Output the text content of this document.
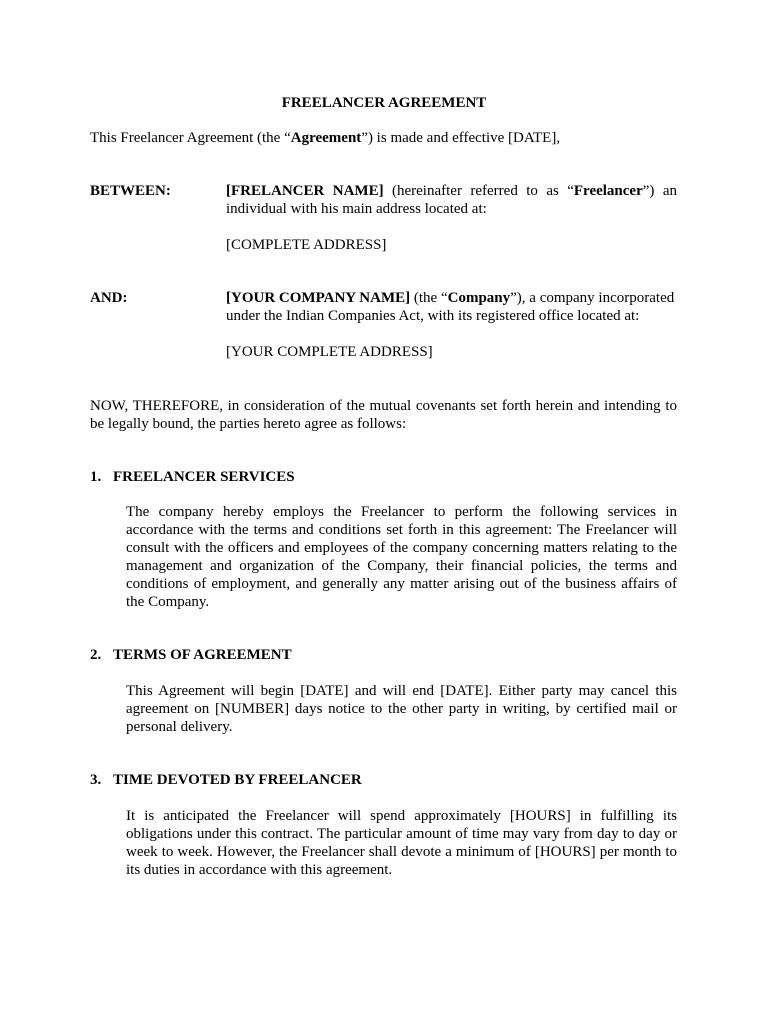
FREELANCER AGREEMENT

This Freelancer Agreement (the “Agreement”) is made and effective [DATE],

BETWEEN:	[FRELANCER NAME] (hereinafter referred to as “Freelancer”) an individual with his main address located at:

[COMPLETE ADDRESS]

AND:	[YOUR COMPANY NAME] (the “Company”), a company incorporated under the Indian Companies Act, with its registered office located at:

[YOUR COMPLETE ADDRESS]

NOW, THEREFORE, in consideration of the mutual covenants set forth herein and intending to be legally bound, the parties hereto agree as follows:

1. FREELANCER SERVICES

The company hereby employs the Freelancer to perform the following services in accordance with the terms and conditions set forth in this agreement: The Freelancer will consult with the officers and employees of the company concerning matters relating to the management and organization of the Company, their financial policies, the terms and conditions of employment, and generally any matter arising out of the business affairs of the Company.

2. TERMS OF AGREEMENT

This Agreement will begin [DATE] and will end [DATE]. Either party may cancel this agreement on [NUMBER] days notice to the other party in writing, by certified mail or personal delivery.

3. TIME DEVOTED BY FREELANCER

It is anticipated the Freelancer will spend approximately [HOURS] in fulfilling its obligations under this contract. The particular amount of time may vary from day to day or week to week. However, the Freelancer shall devote a minimum of [HOURS] per month to its duties in accordance with this agreement.
